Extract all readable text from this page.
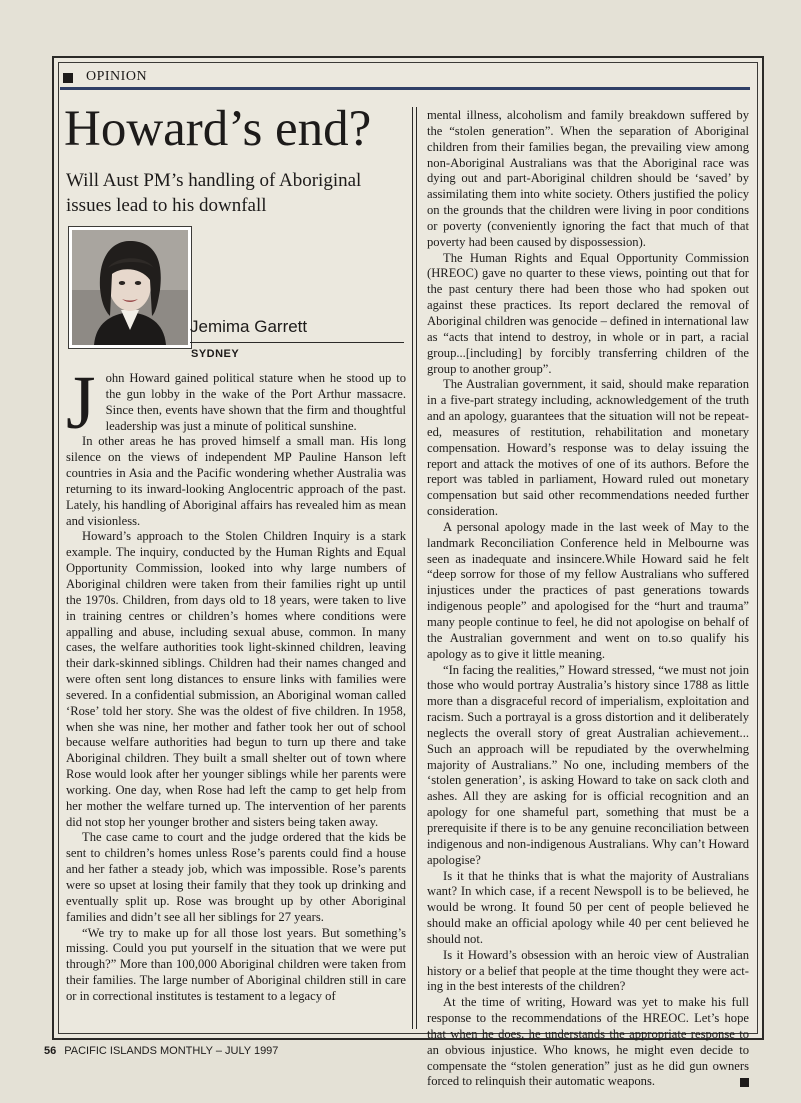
OPINION
Howard’s end?
Will Aust PM’s handling of Aboriginal issues lead to his downfall
Jemima Garrett
SYDNEY

John Howard gained political stature when he stood up to the gun lobby in the wake of the Port Arthur massacre. Since then, events have shown that the firm and thoughtful leadership was just a minute of political sunshine.

In other areas he has proved himself a small man. His long silence on the views of independent MP Pauline Hanson left countries in Asia and the Pacific wondering whether Australia was returning to its inward-looking Anglocentric approach of the past. Lately, his handling of Aboriginal affairs has revealed him as mean and visionless.

Howard’s approach to the Stolen Children Inquiry is a stark example. The inquiry, conducted by the Human Rights and Equal Opportunity Commission, looked into why large numbers of Aboriginal children were taken from their families right up until the 1970s. Children, from days old to 18 years, were taken to live in training centres or children’s homes where conditions were appalling and abuse, including sexual abuse, common. In many cases, the welfare authorities took light-skinned children, leaving their dark-skinned siblings. Children had their names changed and were often sent long distances to ensure links with families were severed. In a confidential submission, an Aboriginal woman called ‘Rose’ told her story. She was the oldest of five children. In 1958, when she was nine, her mother and father took her out of school because welfare authorities had begun to turn up there and take Aboriginal children. They built a small shelter out of town where Rose would look after her younger siblings while her parents were working. One day, when Rose had left the camp to get help from her mother the welfare turned up. The intervention of her parents did not stop her younger brother and sisters being taken away.

The case came to court and the judge ordered that the kids be sent to children’s homes unless Rose’s parents could find a house and her father a steady job, which was impossible. Rose’s parents were so upset at losing their family that they took up drinking and eventually split up. Rose was brought up by other Aboriginal families and didn’t see all her siblings for 27 years.

“We try to make up for all those lost years. But something’s missing. Could you put yourself in the situation that we were put through?” More than 100,000 Aboriginal children were taken from their families. The large number of Aboriginal children still in care or in correctional institutes is testament to a legacy of

mental illness, alcoholism and family breakdown suffered by the “stolen generation”. When the separation of Aboriginal children from their families began, the prevailing view among non-Aboriginal Australians was that the Aboriginal race was dying out and part-Aboriginal children should be ‘saved’ by assimilating them into white society. Others justified the policy on the grounds that the children were living in poor conditions or poverty (conveniently ignoring the fact that much of that poverty had been caused by dispossession).

The Human Rights and Equal Opportunity Commission (HREOC) gave no quarter to these views, pointing out that for the past century there had been those who had spoken out against these practices. Its report declared the removal of Aboriginal children was genocide – defined in international law as “acts that intend to destroy, in whole or in part, a racial group...[including] by forcibly transferring children of the group to another group”.

The Australian government, it said, should make reparation in a five-part strategy including, acknowledgement of the truth and an apology, guarantees that the situation will not be repeated, measures of restitution, rehabilitation and monetary compensation. Howard’s response was to delay issuing the report and attack the motives of one of its authors. Before the report was tabled in parliament, Howard ruled out monetary compensation but said other recommendations needed further consideration.

A personal apology made in the last week of May to the landmark Reconciliation Conference held in Melbourne was seen as inadequate and insincere.While Howard said he felt “deep sorrow for those of my fellow Australians who suffered injustices under the practices of past generations towards indigenous people” and apologised for the “hurt and trauma” many people continue to feel, he did not apologise on behalf of the Australian government and went on to.so qualify his apology as to give it little meaning.

“In facing the realities,” Howard stressed, “we must not join those who would portray Australia’s history since 1788 as little more than a disgraceful record of imperialism, exploitation and racism. Such a portrayal is a gross distortion and it deliberately neglects the overall story of great Australian achievement... Such an approach will be repudiated by the overwhelming majority of Australians.” No one, including members of the ‘stolen generation’, is asking Howard to take on sack cloth and ashes. All they are asking for is official recognition and an apology for one shameful part, something that must be a prerequisite if there is to be any genuine reconciliation between indigenous and non-indigenous Australians. Why can’t Howard apologise?

Is it that he thinks that is what the majority of Australians want? In which case, if a recent Newspoll is to be believed, he would be wrong. It found 50 per cent of people believed he should make an official apology while 40 per cent believed he should not.

Is it Howard’s obsession with an heroic view of Australian history or a belief that people at the time thought they were acting in the best interests of the children?

At the time of writing, Howard was yet to make his full response to the recommendations of the HREOC. Let’s hope that when he does, he understands the appropriate response to an obvious injustice. Who knows, he might even decide to compensate the “stolen generation” just as he did gun owners forced to relinquish their automatic weapons.

56 PACIFIC ISLANDS MONTHLY – JULY 1997
